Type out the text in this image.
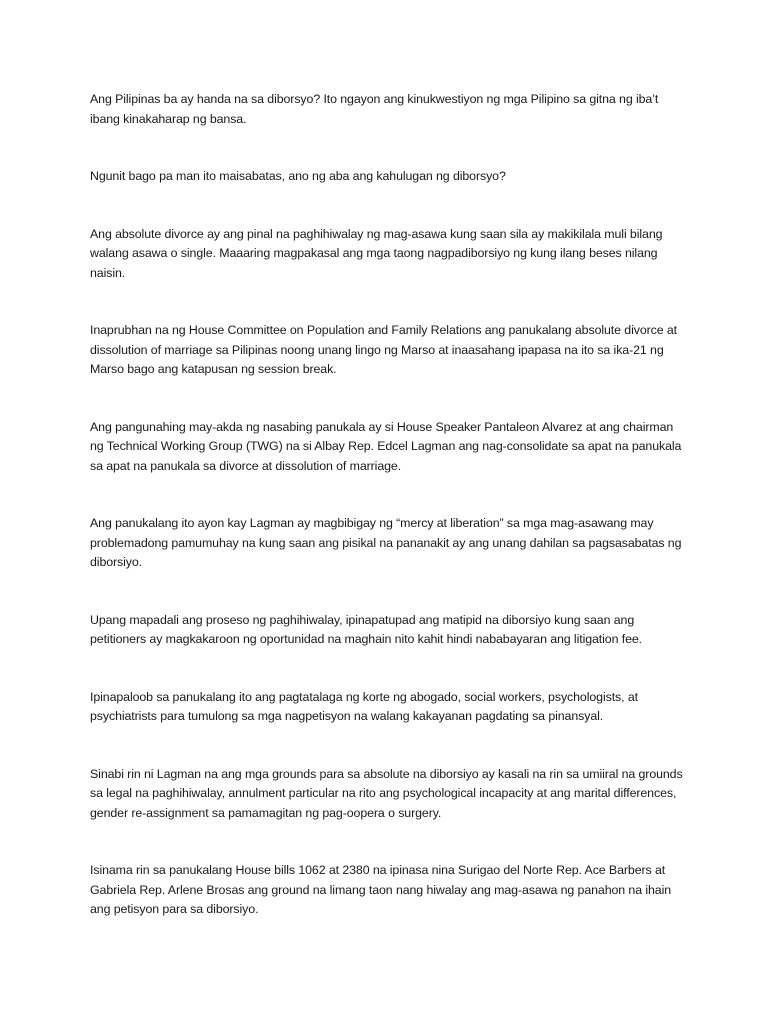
Ang Pilipinas ba ay handa na sa diborsyo? Ito ngayon ang kinukwestiyon ng mga Pilipino sa gitna ng iba’t ibang kinakaharap ng bansa.

Ngunit bago pa man ito maisabatas, ano ng aba ang kahulugan ng diborsyo?

Ang absolute divorce ay ang pinal na paghihiwalay ng mag-asawa kung saan sila ay makikilala muli bilang walang asawa o single. Maaaring magpakasal ang mga taong nagpadiborsiyo ng kung ilang beses nilang naisin.

Inaprubhan na ng House Committee on Population and Family Relations ang panukalang absolute divorce at dissolution of marriage sa Pilipinas noong unang lingo ng Marso at inaasahang ipapasa na ito sa ika-21 ng Marso bago ang katapusan ng session break.

Ang pangunahing may-akda ng nasabing panukala ay si House Speaker Pantaleon Alvarez at ang chairman ng Technical Working Group (TWG) na si Albay Rep. Edcel Lagman ang nag-consolidate sa apat na panukala sa apat na panukala sa divorce at dissolution of marriage.

Ang panukalang ito ayon kay Lagman ay magbibigay ng “mercy at liberation” sa mga mag-asawang may problemadong pamumuhay na kung saan ang pisikal na pananakit ay ang unang dahilan sa pagsasabatas ng diborsiyo.

Upang mapadali ang proseso ng paghihiwalay, ipinapatupad ang matipid na diborsiyo kung saan ang petitioners ay magkakaroon ng oportunidad na maghain nito kahit hindi nababayaran ang litigation fee.

Ipinapaloob sa panukalang ito ang pagtatalaga ng korte ng abogado, social workers, psychologists, at psychiatrists para tumulong sa mga nagpetisyon na walang kakayanan pagdating sa pinansyal.

Sinabi rin ni Lagman na ang mga grounds para sa absolute na diborsiyo ay kasali na rin sa umiiral na grounds sa legal na paghihiwalay, annulment particular na rito ang psychological incapacity at ang marital differences, gender re-assignment sa pamamagitan ng pag-oopera o surgery.

Isinama rin sa panukalang House bills 1062 at 2380 na ipinasa nina Surigao del Norte Rep. Ace Barbers at Gabriela Rep. Arlene Brosas ang ground na limang taon nang hiwalay ang mag-asawa ng panahon na ihain ang petisyon para sa diborsiyo.
